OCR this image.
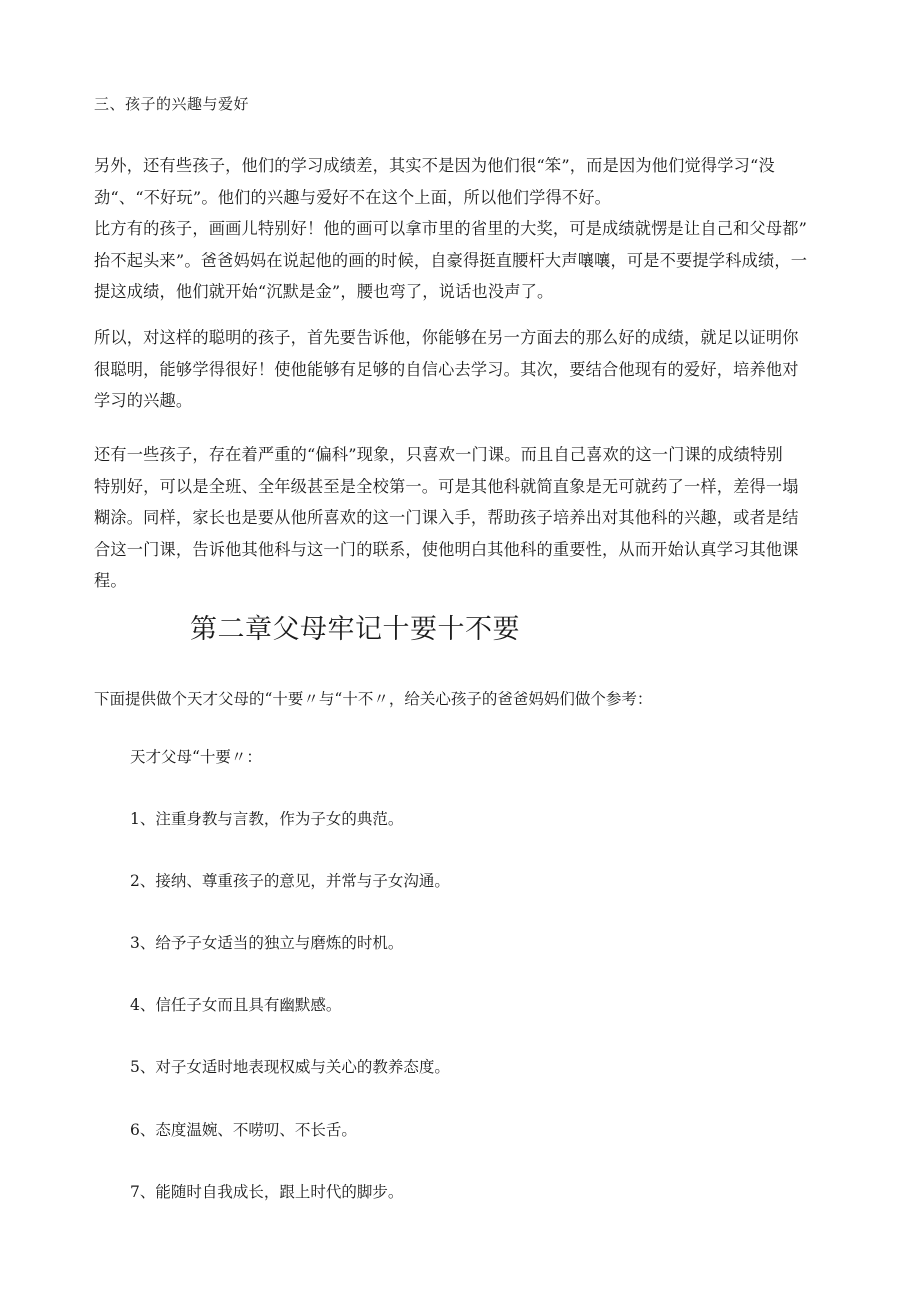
三、孩子的兴趣与爱好
另外，还有些孩子，他们的学习成绩差，其实不是因为他们很“笨”，而是因为他们觉得学习“没
劲“、“不好玩”。他们的兴趣与爱好不在这个上面，所以他们学得不好。
比方有的孩子，画画儿特别好！他的画可以拿市里的省里的大奖，可是成绩就愣是让自己和父母都”
抬不起头来”。爸爸妈妈在说起他的画的时候，自豪得挺直腰杆大声嚷嚷，可是不要提学科成绩，一
提这成绩，他们就开始“沉默是金”，腰也弯了，说话也没声了。
所以，对这样的聪明的孩子，首先要告诉他，你能够在另一方面去的那么好的成绩，就足以证明你
很聪明，能够学得很好！使他能够有足够的自信心去学习。其次，要结合他现有的爱好，培养他对
学习的兴趣。
还有一些孩子，存在着严重的“偏科”现象，只喜欢一门课。而且自己喜欢的这一门课的成绩特别
特别好，可以是全班、全年级甚至是全校第一。可是其他科就简直象是无可就药了一样，差得一塌
糊涂。同样，家长也是要从他所喜欢的这一门课入手，帮助孩子培养出对其他科的兴趣，或者是结
合这一门课，告诉他其他科与这一门的联系，使他明白其他科的重要性，从而开始认真学习其他课
程。
第二章父母牢记十要十不要
下面提供做个天才父母的“十要〃与“十不〃，给关心孩子的爸爸妈妈们做个参考：
天才父母“十要〃：
1、注重身教与言教，作为子女的典范。
2、接纳、尊重孩子的意见，并常与子女沟通。
3、给予子女适当的独立与磨炼的时机。
4、信任子女而且具有幽默感。
5、对子女适时地表现权威与关心的教养态度。
6、态度温婉、不唠叨、不长舌。
7、能随时自我成长，跟上时代的脚步。
